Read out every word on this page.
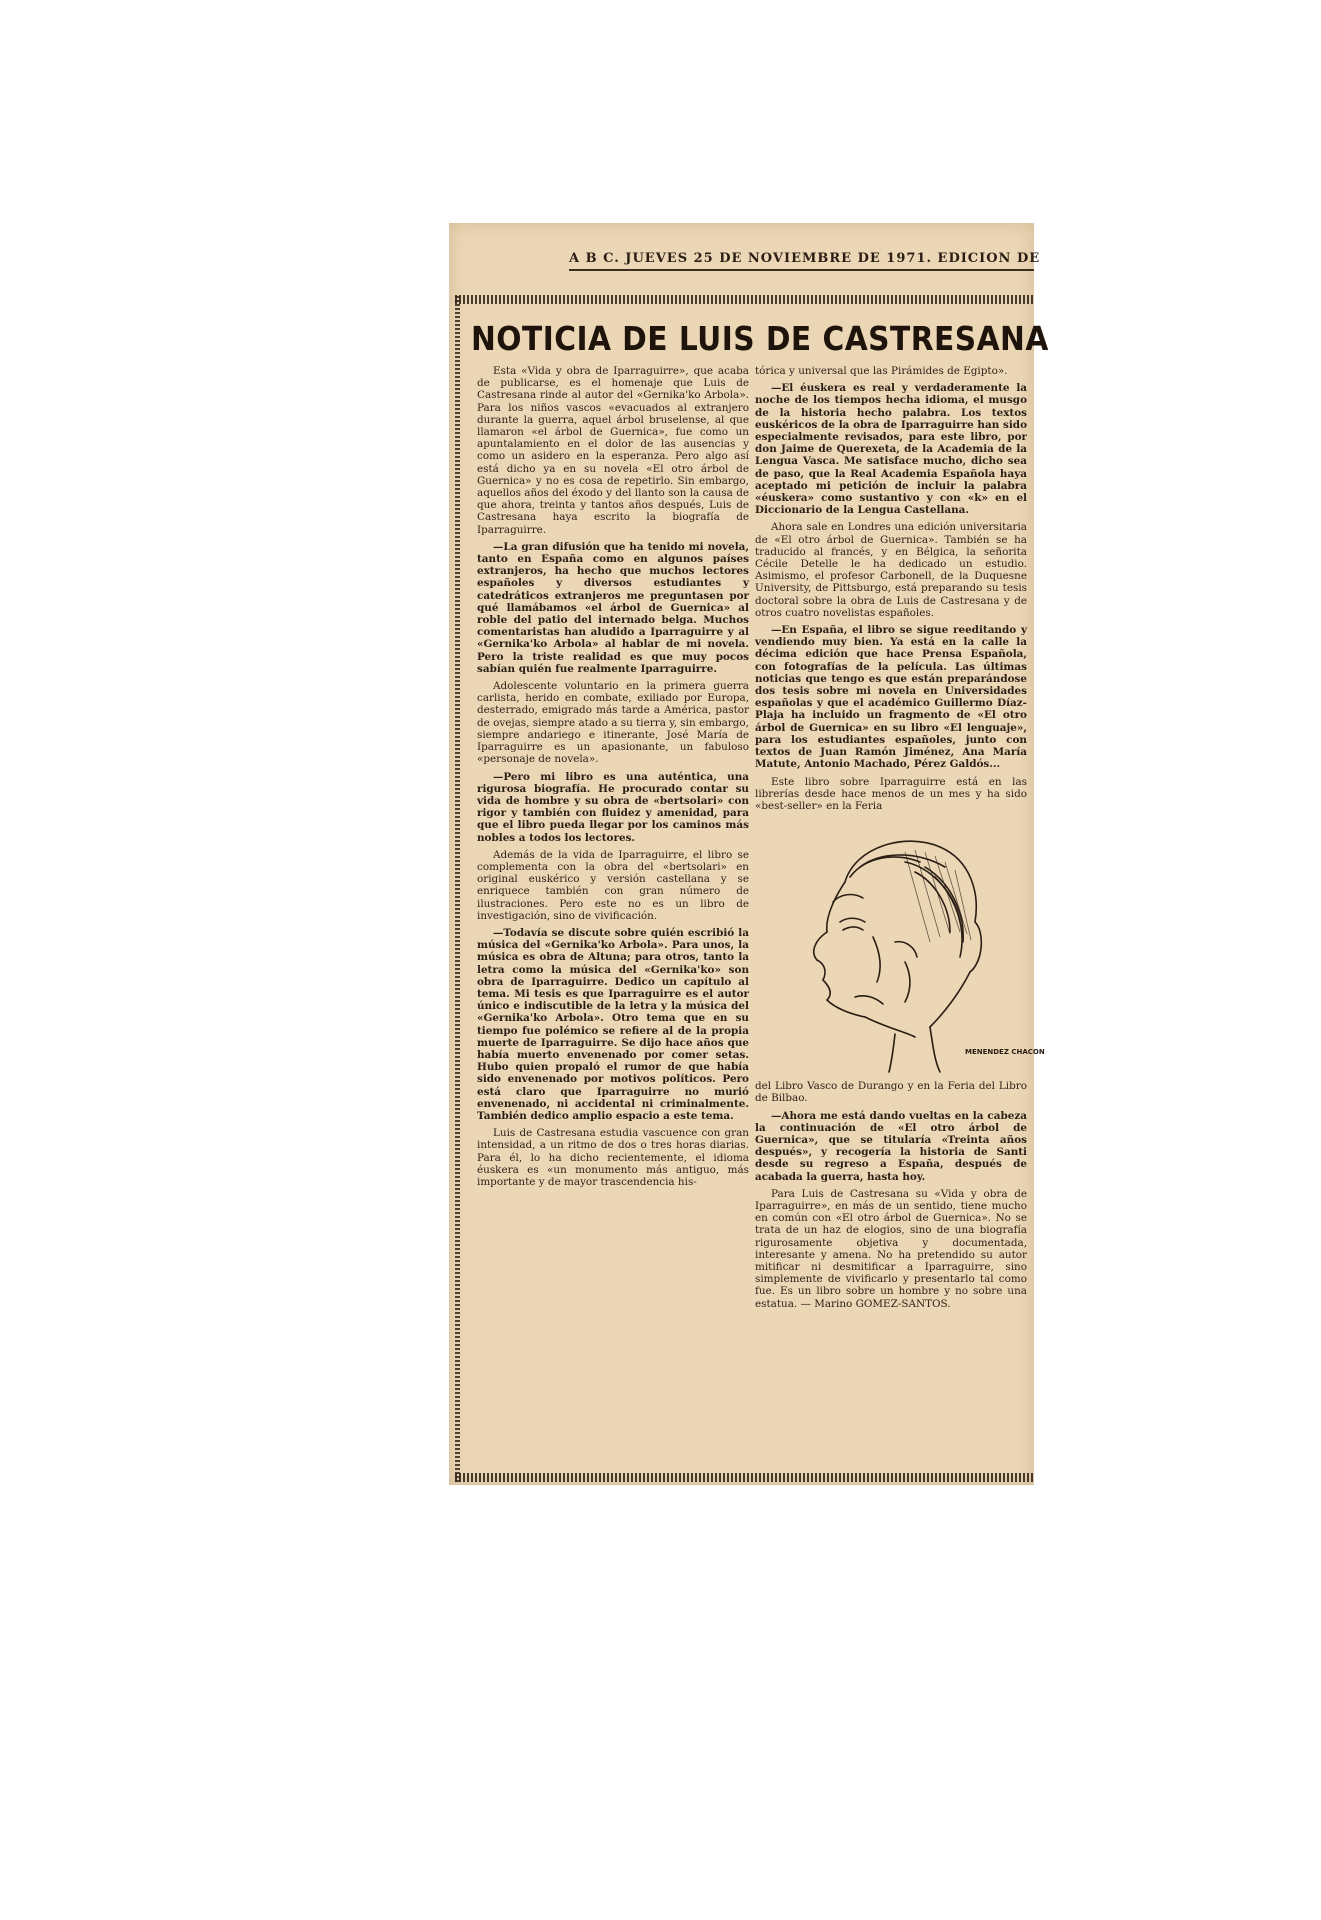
A B C. JUEVES 25 DE NOVIEMBRE DE 1971. EDICION DE
NOTICIA DE LUIS DE CASTRESANA

Esta «Vida y obra de Iparraguirre», que acaba de publicarse, es el homenaje que Luis de Castresana rinde al autor del «Gernika'ko Arbola». Para los niños vascos «evacuados al extranjero durante la guerra, aquel árbol bruselense, al que llamaron «el árbol de Guernica», fue como un apuntalamiento en el dolor de las ausencias y como un asidero en la esperanza. Pero algo así está dicho ya en su novela «El otro árbol de Guernica» y no es cosa de repetirlo. Sin embargo, aquellos años del éxodo y del llanto son la causa de que ahora, treinta y tantos años después, Luis de Castresana haya escrito la biografía de Iparraguirre.

—La gran difusión que ha tenido mi novela, tanto en España como en algunos países extranjeros, ha hecho que muchos lectores españoles y diversos estudiantes y catedráticos extranjeros me preguntasen por qué llamábamos «el árbol de Guernica» al roble del patio del internado belga. Muchos comentaristas han aludido a Iparraguirre y al «Gernika'ko Arbola» al hablar de mi novela. Pero la triste realidad es que muy pocos sabían quién fue realmente Iparraguirre.

Adolescente voluntario en la primera guerra carlista, herido en combate, exiliado por Europa, desterrado, emigrado más tarde a América, pastor de ovejas, siempre atado a su tierra y, sin embargo, siempre andariego e itinerante, José María de Iparraguirre es un apasionante, un fabuloso «personaje de novela».

—Pero mi libro es una auténtica, una rigurosa biografía. He procurado contar su vida de hombre y su obra de «bertsolari» con rigor y también con fluidez y amenidad, para que el libro pueda llegar por los caminos más nobles a todos los lectores.

Además de la vida de Iparraguirre, el libro se complementa con la obra del «bertsolari» en original euskérico y versión castellana y se enriquece también con gran número de ilustraciones. Pero este no es un libro de investigación, sino de vivificación.

—Todavía se discute sobre quién escribió la música del «Gernika'ko Arbola». Para unos, la música es obra de Altuna; para otros, tanto la letra como la música del «Gernika'ko» son obra de Iparraguirre. Dedico un capítulo al tema. Mi tesis es que Iparraguirre es el autor único e indiscutible de la letra y la música del «Gernika'ko Arbola». Otro tema que en su tiempo fue polémico se refiere al de la propia muerte de Iparraguirre. Se dijo hace años que había muerto envenenado por comer setas. Hubo quien propaló el rumor de que había sido envenenado por motivos políticos. Pero está claro que Iparraguirre no murió envenenado, ni accidental ni criminalmente. También dedico amplio espacio a este tema.

Luis de Castresana estudia vascuence con gran intensidad, a un ritmo de dos o tres horas diarias. Para él, lo ha dicho recientemente, el idioma éuskera es «un monumento más antiguo, más importante y de mayor trascendencia his-

tórica y universal que las Pirámides de Egipto».

—El éuskera es real y verdaderamente la noche de los tiempos hecha idioma, el musgo de la historia hecho palabra. Los textos euskéricos de la obra de Iparraguirre han sido especialmente revisados, para este libro, por don Jaime de Querexeta, de la Academia de la Lengua Vasca. Me satisface mucho, dicho sea de paso, que la Real Academia Española haya aceptado mi petición de incluir la palabra «éuskera» como sustantivo y con «k» en el Diccionario de la Lengua Castellana.

Ahora sale en Londres una edición universitaria de «El otro árbol de Guernica». También se ha traducido al francés, y en Bélgica, la señorita Cécile Detelle le ha dedicado un estudio. Asimismo, el profesor Carbonell, de la Duquesne University, de Pittsburgo, está preparando su tesis doctoral sobre la obra de Luis de Castresana y de otros cuatro novelistas españoles.

—En España, el libro se sigue reeditando y vendiendo muy bien. Ya está en la calle la décima edición que hace Prensa Española, con fotografías de la película. Las últimas noticias que tengo es que están preparándose dos tesis sobre mi novela en Universidades españolas y que el académico Guillermo Díaz-Plaja ha incluido un fragmento de «El otro árbol de Guernica» en su libro «El lenguaje», para los estudiantes españoles, junto con textos de Juan Ramón Jiménez, Ana María Matute, Antonio Machado, Pérez Galdós...

Este libro sobre Iparraguirre está en las librerías desde hace menos de un mes y ha sido «best-seller» en la Feria

MENENDEZ CHACON

del Libro Vasco de Durango y en la Feria del Libro de Bilbao.

—Ahora me está dando vueltas en la cabeza la continuación de «El otro árbol de Guernica», que se titularía «Treinta años después», y recogería la historia de Santi desde su regreso a España, después de acabada la guerra, hasta hoy.

Para Luis de Castresana su «Vida y obra de Iparraguirre», en más de un sentido, tiene mucho en común con «El otro árbol de Guernica». No se trata de un haz de elogios, sino de una biografía rigurosamente objetiva y documentada, interesante y amena. No ha pretendido su autor mitificar ni desmitificar a Iparraguirre, sino simplemente de vivificarlo y presentarlo tal como fue. Es un libro sobre un hombre y no sobre una estatua. — Marino GOMEZ-SANTOS.
